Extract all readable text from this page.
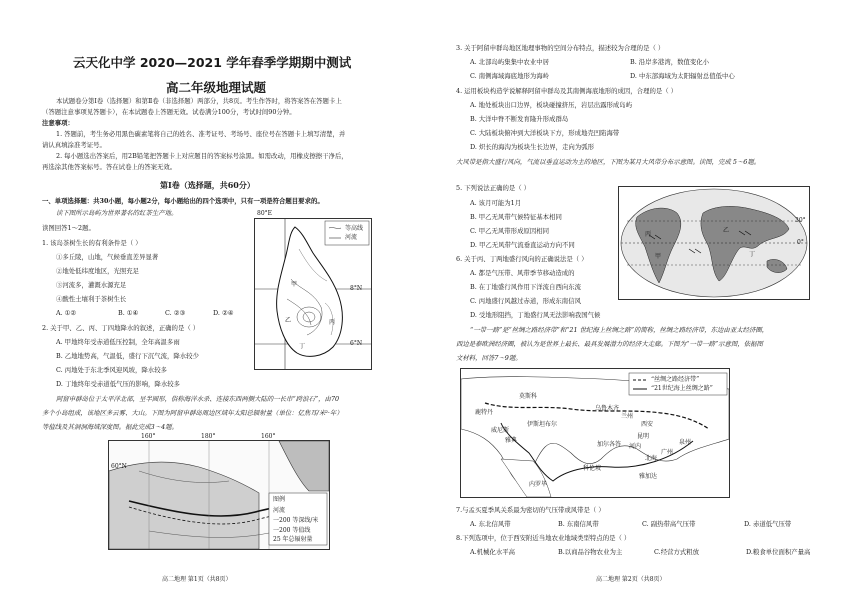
云天化中学 2020—2021 学年春季学期期中测试
高二年级地理试题
本试题卷分第Ⅰ卷（选择题）和第Ⅱ卷（非选择题）两部分，共8页。考生作答时，将答案答在答题卡上
（答题注意事项见答题卡），在本试题卷上答题无效。试卷满分100分，考试时间90分钟。
注意事项：
1. 答题前，考生务必用黑色碳素笔将自己的姓名、准考证号、考场号、座位号在答题卡上填写清楚，并
请认真填涂准考证号。
2. 每小题选出答案后，用2B铅笔把答题卡上对应题目的答案标号涂黑。如需改动，用橡皮擦擦干净后，
再选涂其他答案标号。答在试卷上的答案无效。
第Ⅰ卷（选择题，共60分）
一、单项选择题：共30小题，每小题2分，每小题给出的四个选项中，只有一项是符合题目要求的。
读下图所示岛屿为世界著名的红茶生产地。
读图回答1～2题。
1. 该岛茶树生长的有利条件是（ ）
①多丘陵，山地，气候垂直差异显著
②地处低纬度地区，光照充足
③河流多，灌溉水源充足
④酸性土壤利于茶树生长
A. ①②	B. ①④	C. ②③	D. ②④
2. 关于甲、乙、丙、丁四地降水的叙述，正确的是（ ）
A. 甲地终年受赤道低压控制，全年高温多雨
B. 乙地地势高，气温低，盛行下沉气流，降水较少
C. 丙地处于东北季风迎风坡，降水较多
D. 丁地终年受赤道低气压的影响，降水较多
阿留申群岛位于太平洋北部，呈半圆形，俗称海洋水杀、连接东西两侧大陆的一长串“跨浪石”，由70
多个小岛组成，该地区多云雾、大山。下图为阿留申群岛周边区域年太阳总辐射量（单位：亿焦耳/米²·年）
等值线及其洞洞海域深度图。据此完成3～4题。
80°E
8°N
6°N
等高线
河流
甲
乙	丙
丁
160°	180°	160°
60°N
图例
河流
一200 等深线/米
一200 等值线
25 年总辐射量
高二地理 第1页（共8页）
3. 关于阿留申群岛地区地理事物的空间分布特点，描述较为合理的是（ ）
A. 北部岛屿集集中农业中居	B. 沿岸多港湾，数值变化小
C. 南侧海域海底地形为海岭	D. 中东部海域为太阳辐射总值低中心
4. 运用板块构造学说解释阿留申群岛及其南侧海底地形的成因，合理的是（ ）
A. 地处板块出口边界，板块碰撞挤压，岩层出露形成岛屿
B. 大洋中脊不断发育隆升形成群岛
C. 大陆板块俯冲到大洋板块下方，形成地壳凹陷海带
D. 炽长的海沟为板块生长边界，走向为弧形
大风带是指大盛行风向，气流以垂直运动为主的地区，下图为某月大风带分布示意图。读图，完成 5～6题。
5. 下列说法正确的是（ ）
A. 该月可能为1月
B. 甲乙无风带气候特征基本相同
C. 甲乙无风带形成原因相同
D. 甲乙无风带气流垂直运动方向不同
6. 关于丙、丁两地盛行风向的正确说法是（ ）
A. 都是气压带、风带季节移动造成的
B. 在丁地盛行风作用下洋流自西向东流
C. 丙地盛行风越过赤道，形成东南信风
D. 受地形阻挡，丁地盛行风无法影响我国气候
甲
乙
丙
丁
0°
30°
“一带一路”是“丝绸之路经济带”和“21 世纪海上丝绸之路”的简称，丝绸之路经济带，东边由亚太经济圈，
西边是泰欧洲经济圈，被认为是世界上最长、最具发展潜力的经济大走廊。下图为“一带一路”示意图，依据图
文材料，回答7～9题。
“丝绸之路经济带”
“21世纪海上丝绸之路”
莫斯科
鹿特丹
威尼斯
伊斯坦布尔
乌鲁木齐
西安
兰州
泉州
广州
北海
河内
昆明
雅加达
加尔各答
科伦坡
内罗毕
雅典
7.与孟买夏季风关系最为密切的气压带或风带是（ ）
A. 东北信风带	B. 东南信风带	C. 副热带高气压带	D. 赤道低气压带
8.下列选项中，位于西安附近当地农业地域类型特点的是（ ）
A.机械化水平高	B.以商品谷物农业为主	C.经营方式粗放	D.粮食单位面积产量高
高二地理 第2页（共8页）
